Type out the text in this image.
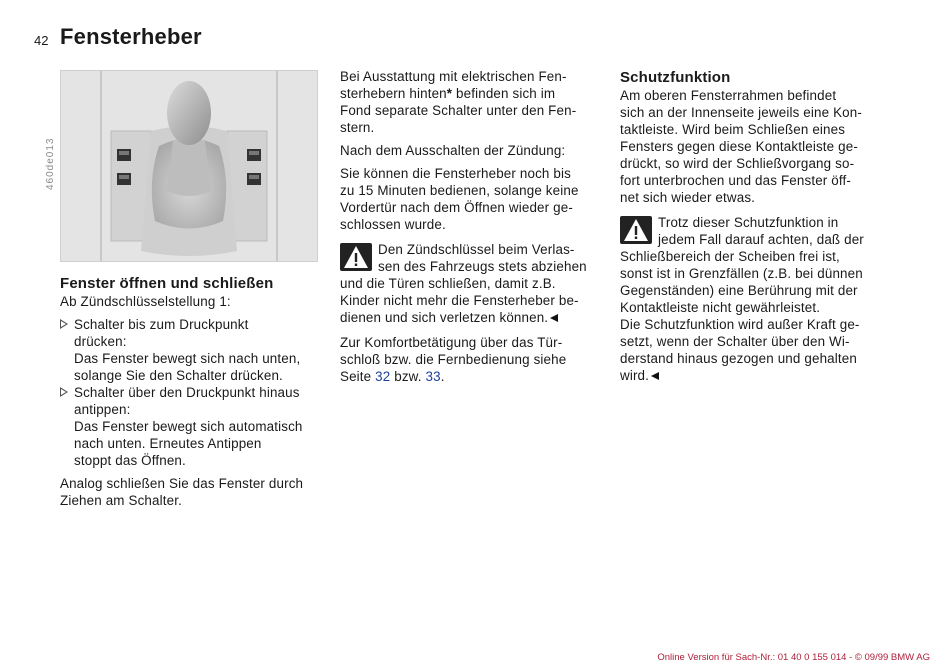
42 Fensterheber
460de013

Fenster öffnen und schließen

Ab Zündschlüsselstellung 1:

Schalter bis zum Druckpunkt

drücken:

Das Fenster bewegt sich nach unten,

solange Sie den Schalter drücken.

Schalter über den Druckpunkt hinaus

antippen:

Das Fenster bewegt sich automatisch

nach unten. Erneutes Antippen

stoppt das Öffnen.

Analog schließen Sie das Fenster durch

Ziehen am Schalter.

Bei Ausstattung mit elektrischen Fen-

sterhebern hinten* befinden sich im

Fond separate Schalter unter den Fen-

stern.

Nach dem Ausschalten der Zündung:

Sie können die Fensterheber noch bis

zu 15 Minuten bedienen, solange keine

Vordertür nach dem Öffnen wieder ge-

schlossen wurde.

Den Zündschlüssel beim Verlas-

sen des Fahrzeugs stets abziehen

und die Türen schließen, damit z.B.

Kinder nicht mehr die Fensterheber be-

dienen und sich verletzen können.

Zur Komfortbetätigung über das Tür-

schloß bzw. die Fernbedienung siehe

Seite 32 bzw. 33.

Schutzfunktion

Am oberen Fensterrahmen befindet

sich an der Innenseite jeweils eine Kon-

taktleiste. Wird beim Schließen eines

Fensters gegen diese Kontaktleiste ge-

drückt, so wird der Schließvorgang so-

fort unterbrochen und das Fenster öff-

net sich wieder etwas.

Trotz dieser Schutzfunktion in

jedem Fall darauf achten, daß der

Schließbereich der Scheiben frei ist,

sonst ist in Grenzfällen (z.B. bei dünnen

Gegenständen) eine Berührung mit der

Kontaktleiste nicht gewährleistet.

Die Schutzfunktion wird außer Kraft ge-

setzt, wenn der Schalter über den Wi-

derstand hinaus gezogen und gehalten

wird.

Online Version für Sach-Nr.: 01 40 0 155 014 - © 09/99 BMW AG
